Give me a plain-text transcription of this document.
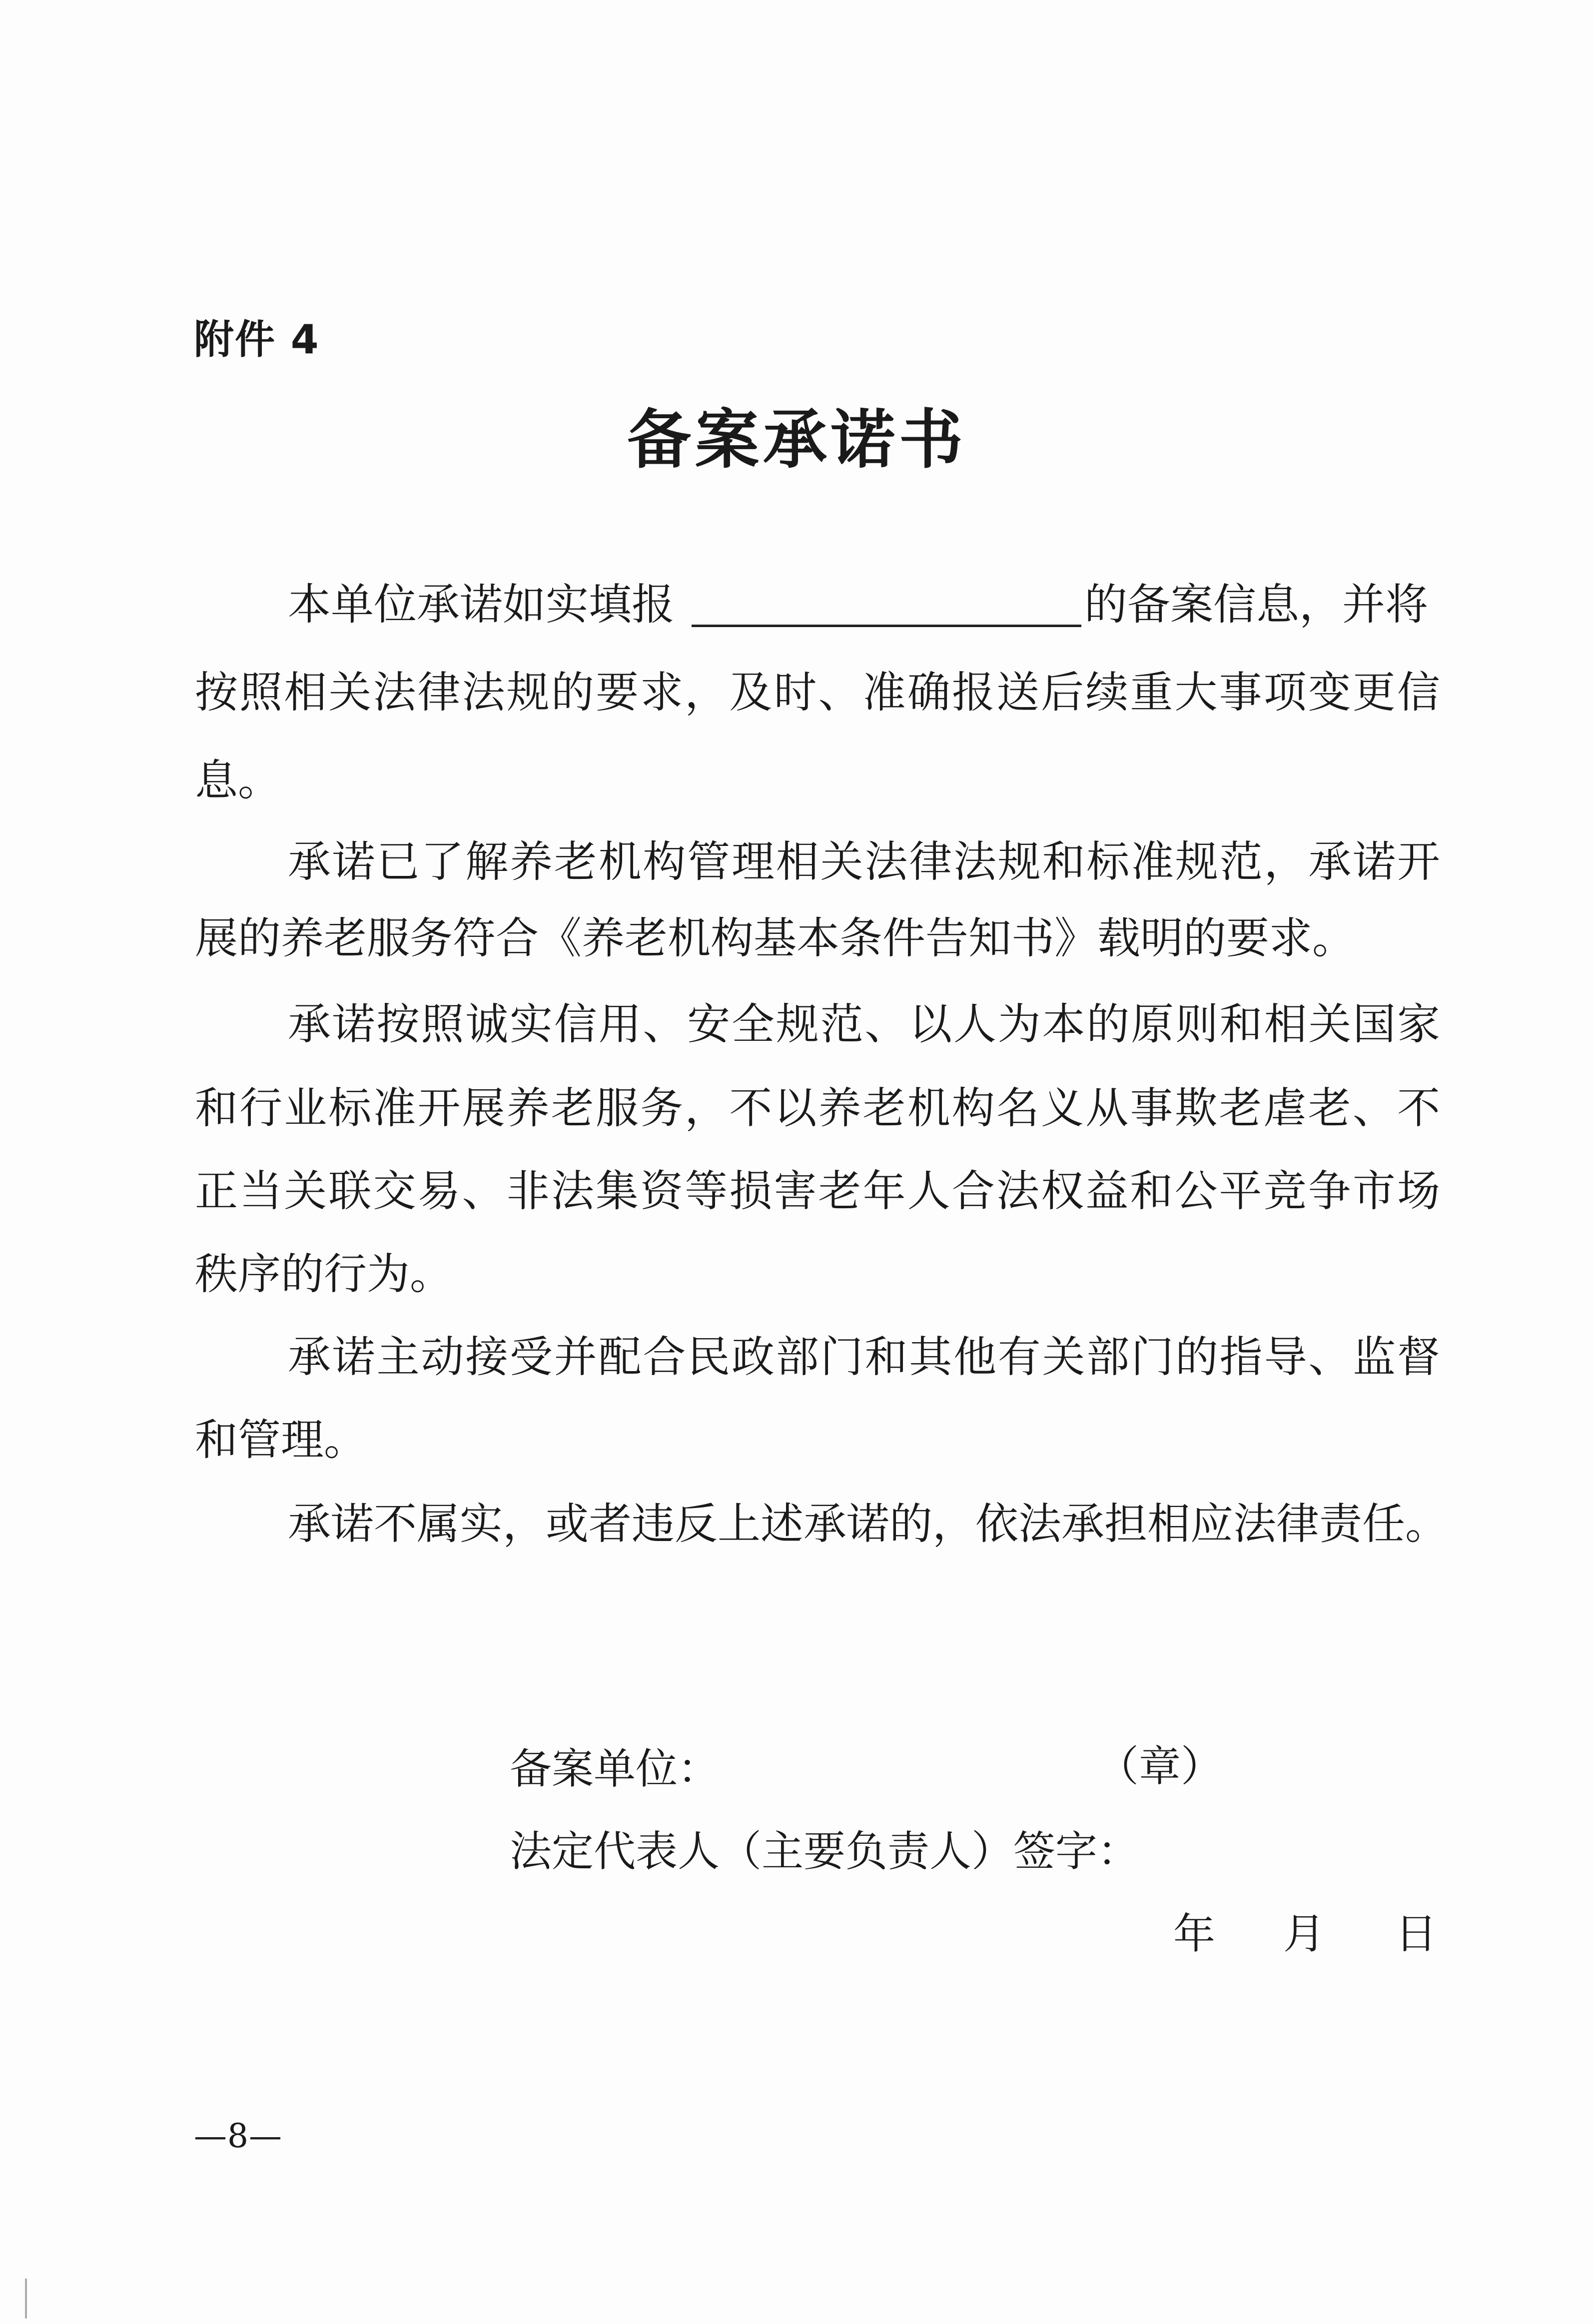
附件 4
备案承诺书
本单位承诺如实填报	的备案信息，并将
按照相关法律法规的要求，及时、准确报送后续重大事项变更信
息。
承诺已了解养老机构管理相关法律法规和标准规范，承诺开
展的养老服务符合《养老机构基本条件告知书》载明的要求。
承诺按照诚实信用、安全规范、以人为本的原则和相关国家
和行业标准开展养老服务，不以养老机构名义从事欺老虐老、不
正当关联交易、非法集资等损害老年人合法权益和公平竞争市场
秩序的行为。
承诺主动接受并配合民政部门和其他有关部门的指导、监督
和管理。
承诺不属实，或者违反上述承诺的，依法承担相应法律责任。
备案单位：	（章）
法定代表人（主要负责人）签字：
年 月 日
—8—
